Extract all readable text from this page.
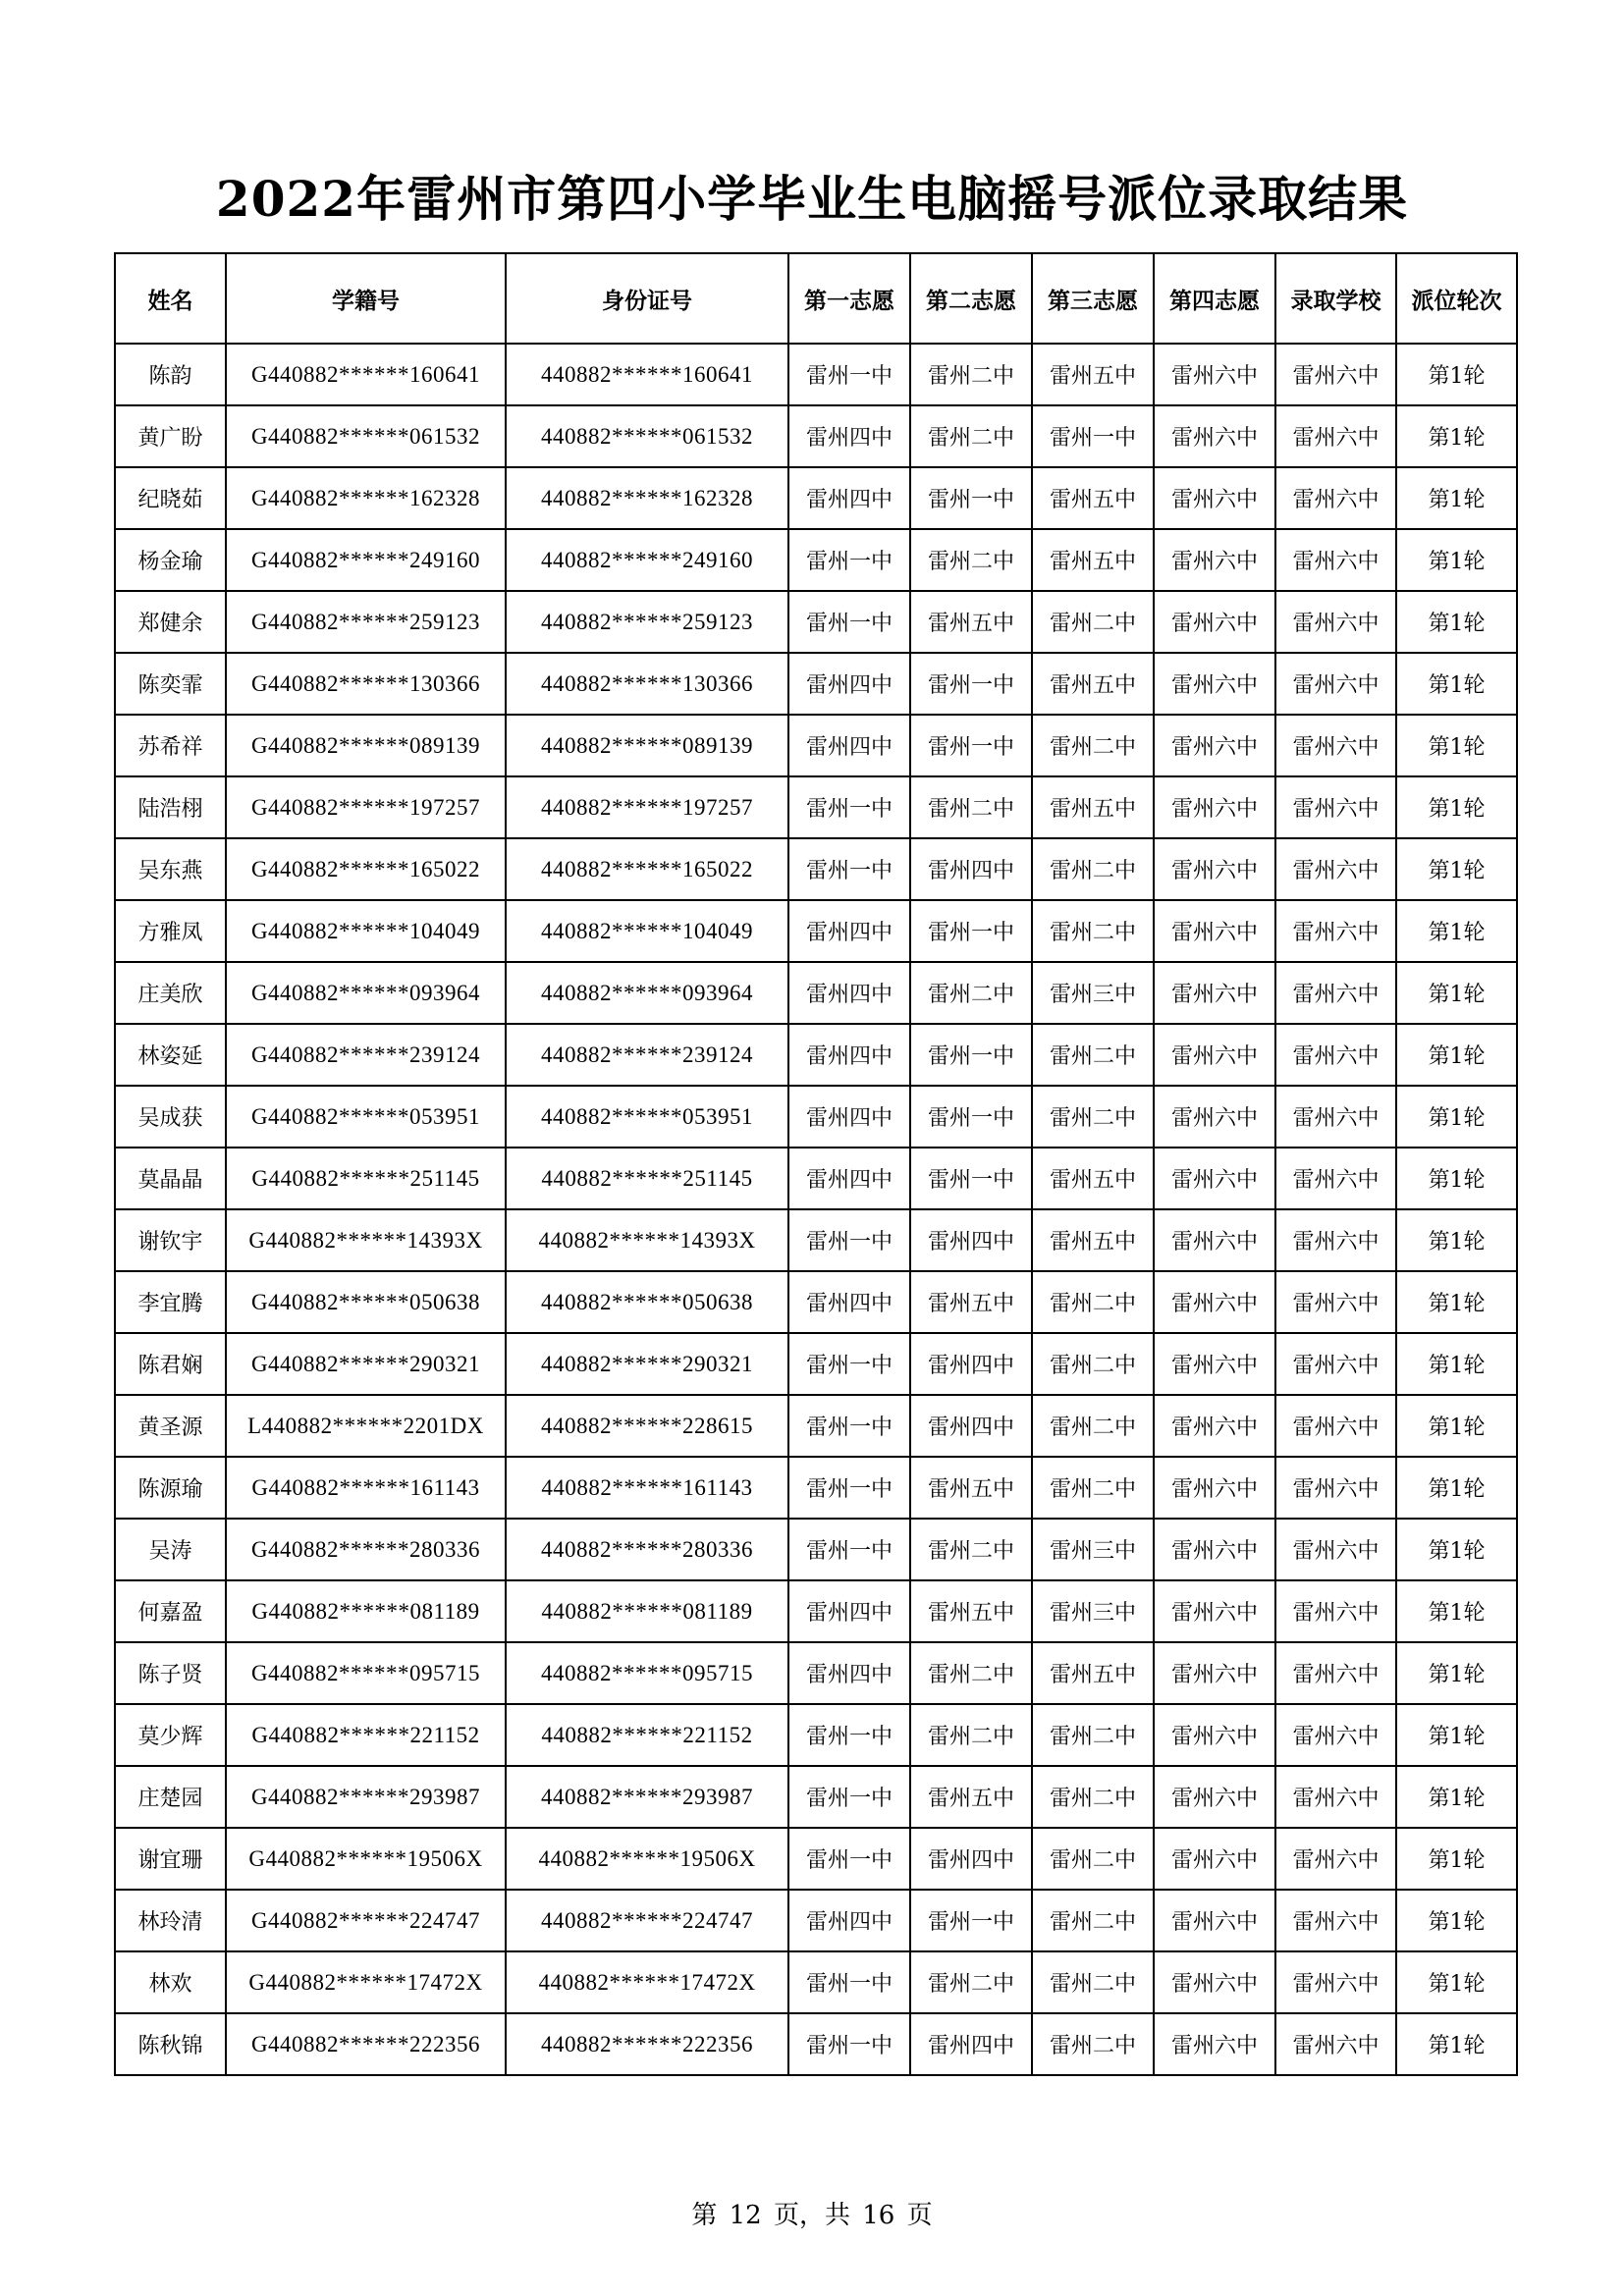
2022年雷州市第四小学毕业生电脑摇号派位录取结果
姓名	学籍号	身份证号	第一志愿	第二志愿	第三志愿	第四志愿	录取学校	派位轮次
陈韵	G440882******160641	440882******160641	雷州一中	雷州二中	雷州五中	雷州六中	雷州六中	第1轮
黄广盼	G440882******061532	440882******061532	雷州四中	雷州二中	雷州一中	雷州六中	雷州六中	第1轮
纪晓茹	G440882******162328	440882******162328	雷州四中	雷州一中	雷州五中	雷州六中	雷州六中	第1轮
杨金瑜	G440882******249160	440882******249160	雷州一中	雷州二中	雷州五中	雷州六中	雷州六中	第1轮
郑健余	G440882******259123	440882******259123	雷州一中	雷州五中	雷州二中	雷州六中	雷州六中	第1轮
陈奕霏	G440882******130366	440882******130366	雷州四中	雷州一中	雷州五中	雷州六中	雷州六中	第1轮
苏希祥	G440882******089139	440882******089139	雷州四中	雷州一中	雷州二中	雷州六中	雷州六中	第1轮
陆浩栩	G440882******197257	440882******197257	雷州一中	雷州二中	雷州五中	雷州六中	雷州六中	第1轮
吴东燕	G440882******165022	440882******165022	雷州一中	雷州四中	雷州二中	雷州六中	雷州六中	第1轮
方雅凤	G440882******104049	440882******104049	雷州四中	雷州一中	雷州二中	雷州六中	雷州六中	第1轮
庄美欣	G440882******093964	440882******093964	雷州四中	雷州二中	雷州三中	雷州六中	雷州六中	第1轮
林姿延	G440882******239124	440882******239124	雷州四中	雷州一中	雷州二中	雷州六中	雷州六中	第1轮
吴成获	G440882******053951	440882******053951	雷州四中	雷州一中	雷州二中	雷州六中	雷州六中	第1轮
莫晶晶	G440882******251145	440882******251145	雷州四中	雷州一中	雷州五中	雷州六中	雷州六中	第1轮
谢钦宇	G440882******14393X	440882******14393X	雷州一中	雷州四中	雷州五中	雷州六中	雷州六中	第1轮
李宜腾	G440882******050638	440882******050638	雷州四中	雷州五中	雷州二中	雷州六中	雷州六中	第1轮
陈君娴	G440882******290321	440882******290321	雷州一中	雷州四中	雷州二中	雷州六中	雷州六中	第1轮
黄圣源	L440882******2201DX	440882******228615	雷州一中	雷州四中	雷州二中	雷州六中	雷州六中	第1轮
陈源瑜	G440882******161143	440882******161143	雷州一中	雷州五中	雷州二中	雷州六中	雷州六中	第1轮
吴涛	G440882******280336	440882******280336	雷州一中	雷州二中	雷州三中	雷州六中	雷州六中	第1轮
何嘉盈	G440882******081189	440882******081189	雷州四中	雷州五中	雷州三中	雷州六中	雷州六中	第1轮
陈子贤	G440882******095715	440882******095715	雷州四中	雷州二中	雷州五中	雷州六中	雷州六中	第1轮
莫少辉	G440882******221152	440882******221152	雷州一中	雷州二中	雷州二中	雷州六中	雷州六中	第1轮
庄楚园	G440882******293987	440882******293987	雷州一中	雷州五中	雷州二中	雷州六中	雷州六中	第1轮
谢宜珊	G440882******19506X	440882******19506X	雷州一中	雷州四中	雷州二中	雷州六中	雷州六中	第1轮
林玲清	G440882******224747	440882******224747	雷州四中	雷州一中	雷州二中	雷州六中	雷州六中	第1轮
林欢	G440882******17472X	440882******17472X	雷州一中	雷州二中	雷州二中	雷州六中	雷州六中	第1轮
陈秋锦	G440882******222356	440882******222356	雷州一中	雷州四中	雷州二中	雷州六中	雷州六中	第1轮
第 12 页，共 16 页
